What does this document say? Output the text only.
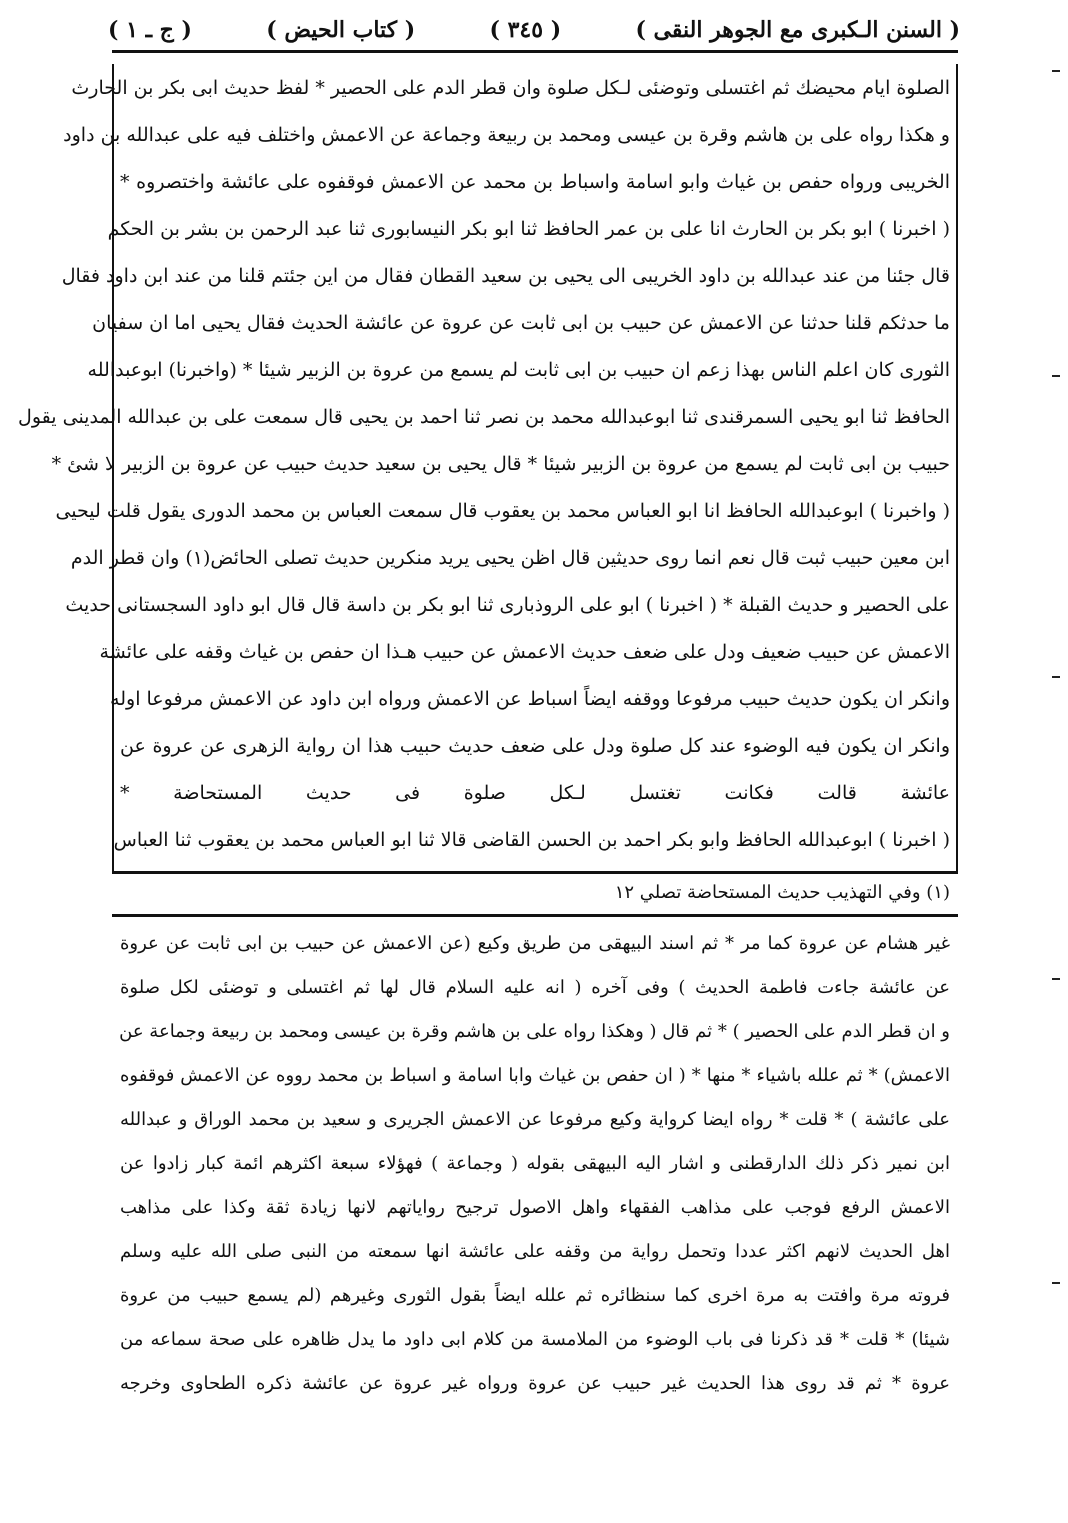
( السنن الـكبرى مع الجوهر النقى )
( ٣٤٥ )
( كتاب الحيض )
( ج ـ ١ )
الصلوة ايام محيضك ثم اغتسلى وتوضئى لـكل صلوة وان قطر الدم على الحصير * لفظ حديث ابى بكر بن الحارث
و هكذا رواه على بن هاشم وقرة بن عيسى ومحمد بن ربيعة وجماعة عن الاعمش واختلف فيه على عبدالله بن داود
الخريبى ورواه حفص بن غياث وابو اسامة واسباط بن محمد عن الاعمش فوقفوه على عائشة واختصروه *
( اخبرنا ) ابو بكر بن الحارث انا على بن عمر الحافظ ثنا ابو بكر النيسابورى ثنا عبد الرحمن بن بشر بن الحكم
قال جئنا من عند عبدالله بن داود الخريبى الى يحيى بن سعيد القطان فقال من اين جئتم قلنا من عند ابن داود فقال
ما حدثكم قلنا حدثنا عن الاعمش عن حبيب بن ابى ثابت عن عروة عن عائشة الحديث فقال يحيى اما ان سفيان
الثورى كان اعلم الناس بهذا زعم ان حبيب بن ابى ثابت لم يسمع من عروة بن الزبير شيئا * (واخبرنا) ابوعبدالله
الحافظ ثنا ابو يحيى السمرقندى ثنا ابوعبدالله محمد بن نصر ثنا احمد بن يحيى قال سمعت على بن عبدالله المدينى يقول
حبيب بن ابى ثابت لم يسمع من عروة بن الزبير شيئا * قال يحيى بن سعيد حديث حبيب عن عروة بن الزبير لا شئ *
( واخبرنا ) ابوعبدالله الحافظ انا ابو العباس محمد بن يعقوب قال سمعت العباس بن محمد الدورى يقول قلت ليحيى
ابن معين حبيب ثبت قال نعم انما روى حديثين قال اظن يحيى يريد منكرين حديث تصلى الحائض(١) وان قطر الدم
على الحصير و حديث القبلة * ( اخبرنا ) ابو على الروذبارى ثنا ابو بكر بن داسة قال قال ابو داود السجستانى حديث
الاعمش عن حبيب ضعيف ودل على ضعف حديث الاعمش عن حبيب هـذا ان حفص بن غياث وقفه على عائشة
وانكر ان يكون حديث حبيب مرفوعا ووقفه ايضاً اسباط عن الاعمش ورواه ابن داود عن الاعمش مرفوعا اوله
وانكر ان يكون فيه الوضوء عند كل صلوة ودل على ضعف حديث حبيب هذا ان رواية الزهرى عن عروة عن
عائشة قالت فكانت تغتسل لـكل صلوة فى حديث المستحاضة *
( اخبرنا ) ابوعبدالله الحافظ وابو بكر احمد بن الحسن القاضى قالا ثنا ابو العباس محمد بن يعقوب ثنا العباس
(١) وفي التهذيب حديث المستحاضة تصلي ١٢
غير هشام عن عروة كما مر * ثم اسند البيهقى من طريق وكيع (عن الاعمش عن حبيب بن ابى ثابت عن عروة
عن عائشة جاءت فاطمة الحديث ) وفى آخره ( انه عليه السلام قال لها ثم اغتسلى و توضئى لكل صلوة
و ان قطر الدم على الحصير ) * ثم قال ( وهكذا رواه على بن هاشم وقرة بن عيسى ومحمد بن ربيعة وجماعة عن
الاعمش) * ثم علله باشياء * منها * ( ان حفص بن غياث وابا اسامة و اسباط بن محمد رووه عن الاعمش فوقفوه
على عائشة ) * قلت * رواه ايضا كرواية وكيع مرفوعا عن الاعمش الجريرى و سعيد بن محمد الوراق و عبدالله
ابن نمير ذكر ذلك الدارقطنى و اشار اليه البيهقى بقوله ( وجماعة ) فهؤلاء سبعة اكثرهم ائمة كبار زادوا عن
الاعمش الرفع فوجب على مذاهب الفقهاء واهل الاصول ترجيح رواياتهم لانها زيادة ثقة وكذا على مذاهب
اهل الحديث لانهم اكثر عددا وتحمل رواية من وقفه على عائشة انها سمعته من النبى صلى الله عليه وسلم
فروته مرة وافتت به مرة اخرى كما سنظائره ثم علله ايضاً بقول الثورى وغيرهم (لم يسمع حبيب من عروة
شيئا) * قلت * قد ذكرنا فى باب الوضوء من الملامسة من كلام ابى داود ما يدل ظاهره على صحة سماعه من
عروة * ثم قد روى هذا الحديث غير حبيب عن عروة ورواه غير عروة عن عائشة ذكره الطحاوى وخرجه
